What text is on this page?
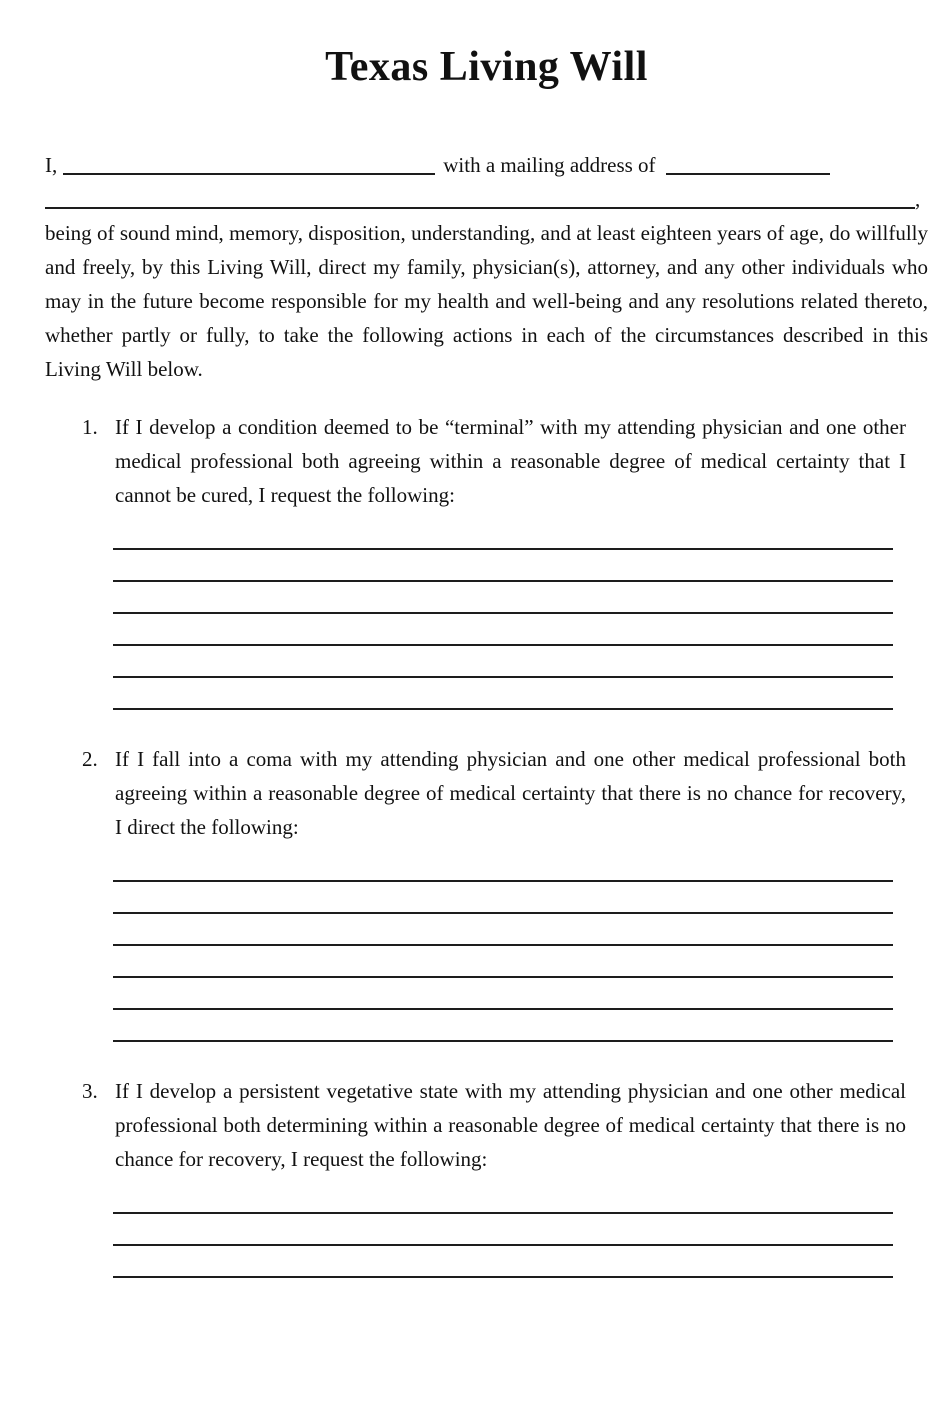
Texas Living Will
I,	with a mailing address of
,

being of sound mind, memory, disposition, understanding, and at least eighteen years of age, do willfully and freely, by this Living Will, direct my family, physician(s), attorney, and any other individuals who may in the future become responsible for my health and well-being and any resolutions related thereto, whether partly or fully, to take the following actions in each of the circumstances described in this Living Will below.

1. If I develop a condition deemed to be “terminal” with my attending physician and one other medical professional both agreeing within a reasonable degree of medical certainty that I cannot be cured, I request the following:
2. If I fall into a coma with my attending physician and one other medical professional both agreeing within a reasonable degree of medical certainty that there is no chance for recovery, I direct the following:
3. If I develop a persistent vegetative state with my attending physician and one other medical professional both determining within a reasonable degree of medical certainty that there is no chance for recovery, I request the following:
